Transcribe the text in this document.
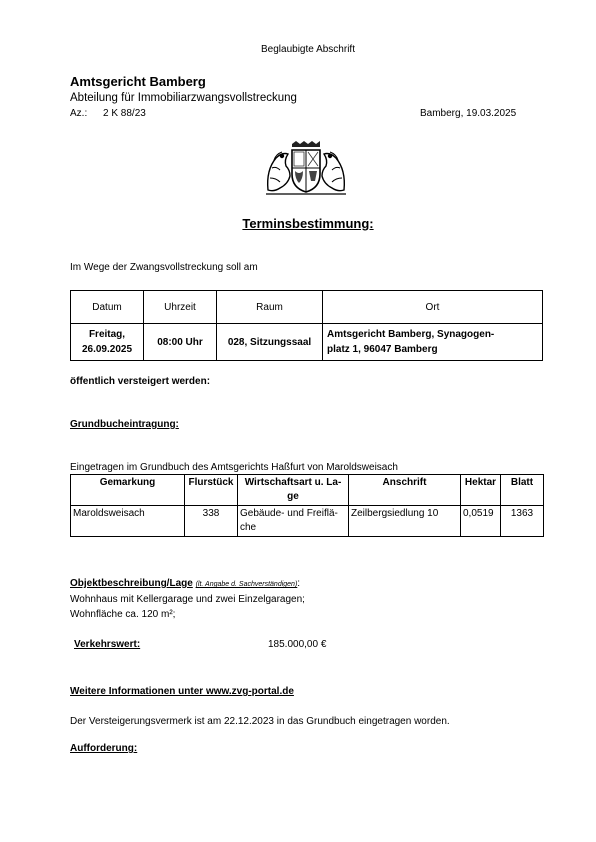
Beglaubigte Abschrift
Amtsgericht Bamberg
Abteilung für Immobiliarzwangsvollstreckung
Az.: 2 K 88/23	Bamberg, 19.03.2025
Terminsbestimmung:
Im Wege der Zwangsvollstreckung soll am
Datum	Uhrzeit	Raum	Ort
Freitag,
26.09.2025	08:00 Uhr	028, Sitzungssaal	Amtsgericht Bamberg, Synagogen-
platz 1, 96047 Bamberg
öffentlich versteigert werden:
Grundbucheintragung:
Eingetragen im Grundbuch des Amtsgerichts Haßfurt von Maroldsweisach
Gemarkung	Flurstück	Wirtschaftsart u. La-
ge	Anschrift	Hektar	Blatt
Maroldsweisach	338	Gebäude- und Freiflä-
che	Zeilbergsiedlung 10	0,0519	1363
Objektbeschreibung/Lage (lt. Angabe d. Sachverständigen):
Wohnhaus mit Kellergarage und zwei Einzelgaragen;
Wohnfläche ca. 120 m²;
Verkehrswert:	185.000,00 €
Weitere Informationen unter www.zvg-portal.de
Der Versteigerungsvermerk ist am 22.12.2023 in das Grundbuch eingetragen worden.
Aufforderung:
